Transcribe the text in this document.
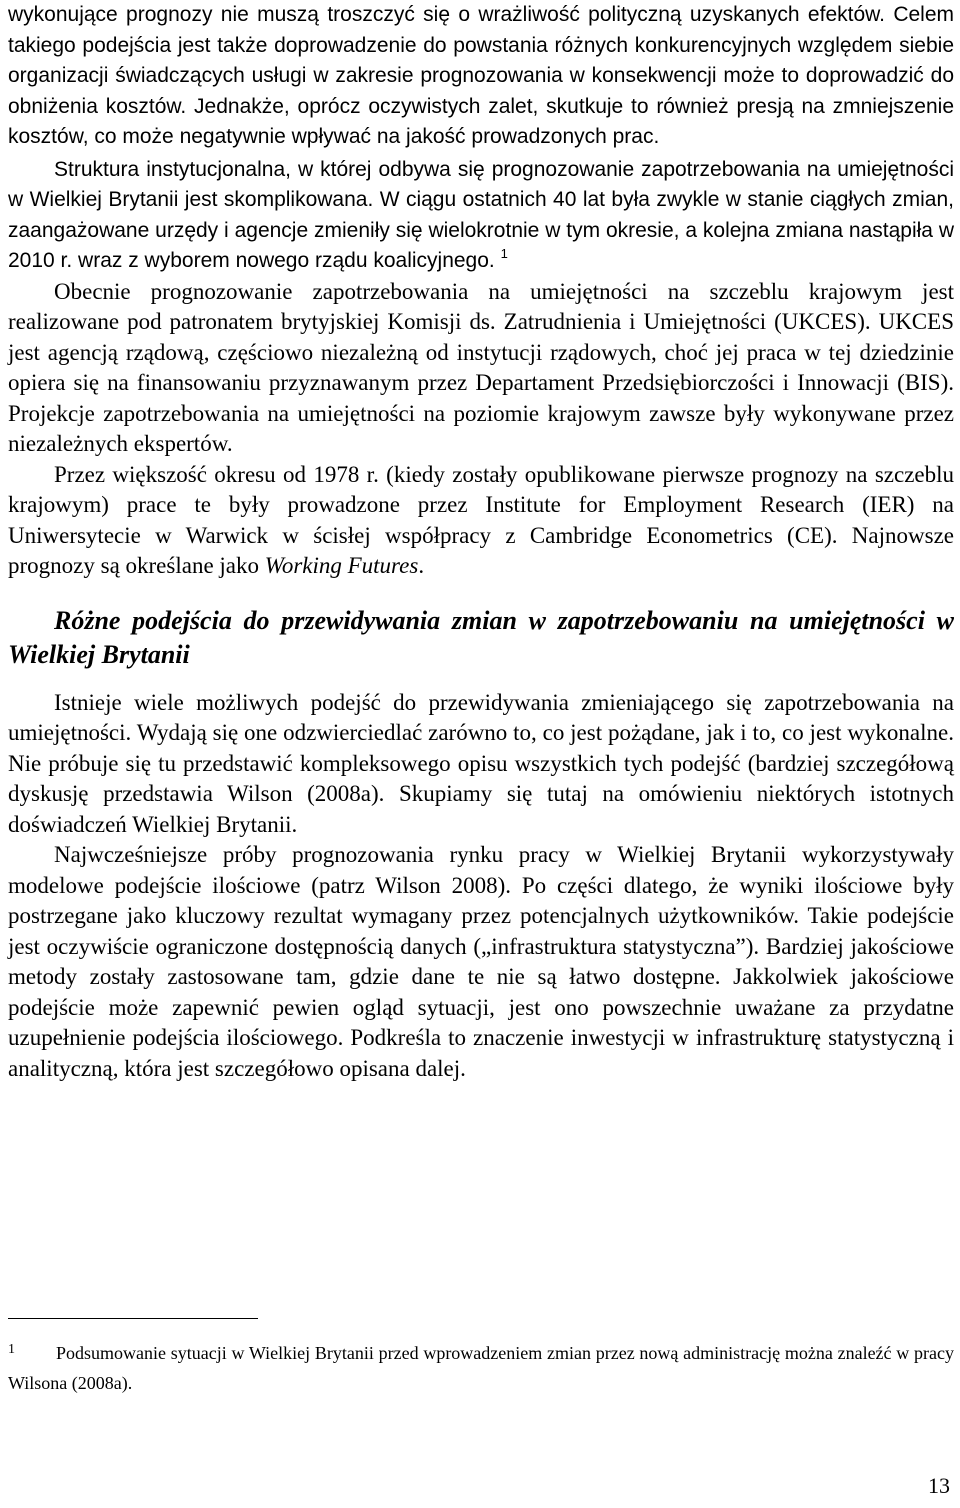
wykonujące prognozy nie muszą troszczyć się o wrażliwość polityczną uzyskanych efektów. Celem takiego podejścia jest także doprowadzenie do powstania różnych konkurencyjnych względem siebie organizacji świadczących usługi w zakresie prognozowania w konsekwencji może to doprowadzić do obniżenia kosztów. Jednakże, oprócz oczywistych zalet, skutkuje to również presją na zmniejszenie kosztów, co może negatywnie wpływać na jakość prowadzonych prac.

Struktura instytucjonalna, w której odbywa się prognozowanie zapotrzebowania na umiejętności w Wielkiej Brytanii jest skomplikowana. W ciągu ostatnich 40 lat była zwykle w stanie ciągłych zmian, zaangażowane urzędy i agencje zmieniły się wielokrotnie w tym okresie, a kolejna zmiana nastąpiła w 2010 r. wraz z wyborem nowego rządu koalicyjnego. $^1$

Obecnie prognozowanie zapotrzebowania na umiejętności na szczeblu krajowym jest realizowane pod patronatem brytyjskiej Komisji ds. Zatrudnienia i Umiejętności (UKCES). UKCES jest agencją rządową, częściowo niezależną od instytucji rządowych, choć jej praca w tej dziedzinie opiera się na finansowaniu przyznawanym przez Departament Przedsiębiorczości i Innowacji (BIS). Projekcje zapotrzebowania na umiejętności na poziomie krajowym zawsze były wykonywane przez niezależnych ekspertów.

Przez większość okresu od 1978 r. (kiedy zostały opublikowane pierwsze prognozy na szczeblu krajowym) prace te były prowadzone przez Institute for Employment Research (IER) na Uniwersytecie w Warwick w ścisłej współpracy z Cambridge Econometrics (CE). Najnowsze prognozy są określane jako Working Futures.

Różne podejścia do przewidywania zmian w zapotrzebowaniu na umiejętności w Wielkiej Brytanii

Istnieje wiele możliwych podejść do przewidywania zmieniającego się zapotrzebowania na umiejętności. Wydają się one odzwierciedlać zarówno to, co jest pożądane, jak i to, co jest wykonalne. Nie próbuje się tu przedstawić kompleksowego opisu wszystkich tych podejść (bardziej szczegółową dyskusję przedstawia Wilson (2008a). Skupiamy się tutaj na omówieniu niektórych istotnych doświadczeń Wielkiej Brytanii.

Najwcześniejsze próby prognozowania rynku pracy w Wielkiej Brytanii wykorzystywały modelowe podejście ilościowe (patrz Wilson 2008). Po części dlatego, że wyniki ilościowe były postrzegane jako kluczowy rezultat wymagany przez potencjalnych użytkowników. Takie podejście jest oczywiście ograniczone dostępnością danych („infrastruktura statystyczna”). Bardziej jakościowe metody zostały zastosowane tam, gdzie dane te nie są łatwo dostępne. Jakkolwiek jakościowe podejście może zapewnić pewien ogląd sytuacji, jest ono powszechnie uważane za przydatne uzupełnienie podejścia ilościowego. Podkreśla to znaczenie inwestycji w infrastrukturę statystyczną i analityczną, która jest szczegółowo opisana dalej.

1 Podsumowanie sytuacji w Wielkiej Brytanii przed wprowadzeniem zmian przez nową administrację można znaleźć w pracy Wilsona (2008a).

13
